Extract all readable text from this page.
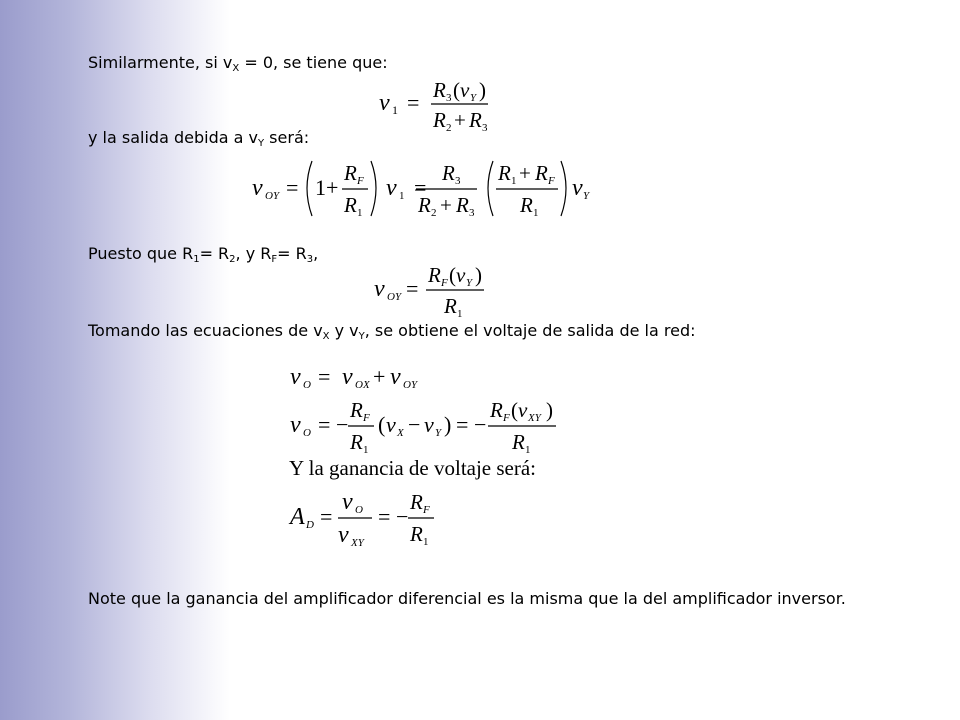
Similarmente, si $v_X = 0$, se tiene que:
v 1 = R 3 ( v Y )
R 2 + R 3
y la salida debida a $v_Y$ será:
v OY = 1 +
R F
R 1
v 1 =
R 3
R 2 + R 3
R 1 + R F
R 1
v Y
Puesto que $R_1= R_2$, y $R_F= R_3$,
v OY =
R F ( v Y )
R 1
Tomando las ecuaciones de $v_X$ y $v_Y$, se obtiene el voltaje de salida de la red:
v O = v OX + v OY
v O = −
R F
R 1
( v X − v Y ) = −
R F ( v XY )
R 1
Y la ganancia de voltaje será:
A D =
v O
v XY
= −
R F
R 1
Note que la ganancia del amplificador diferencial es la misma que la del amplificador inversor.
